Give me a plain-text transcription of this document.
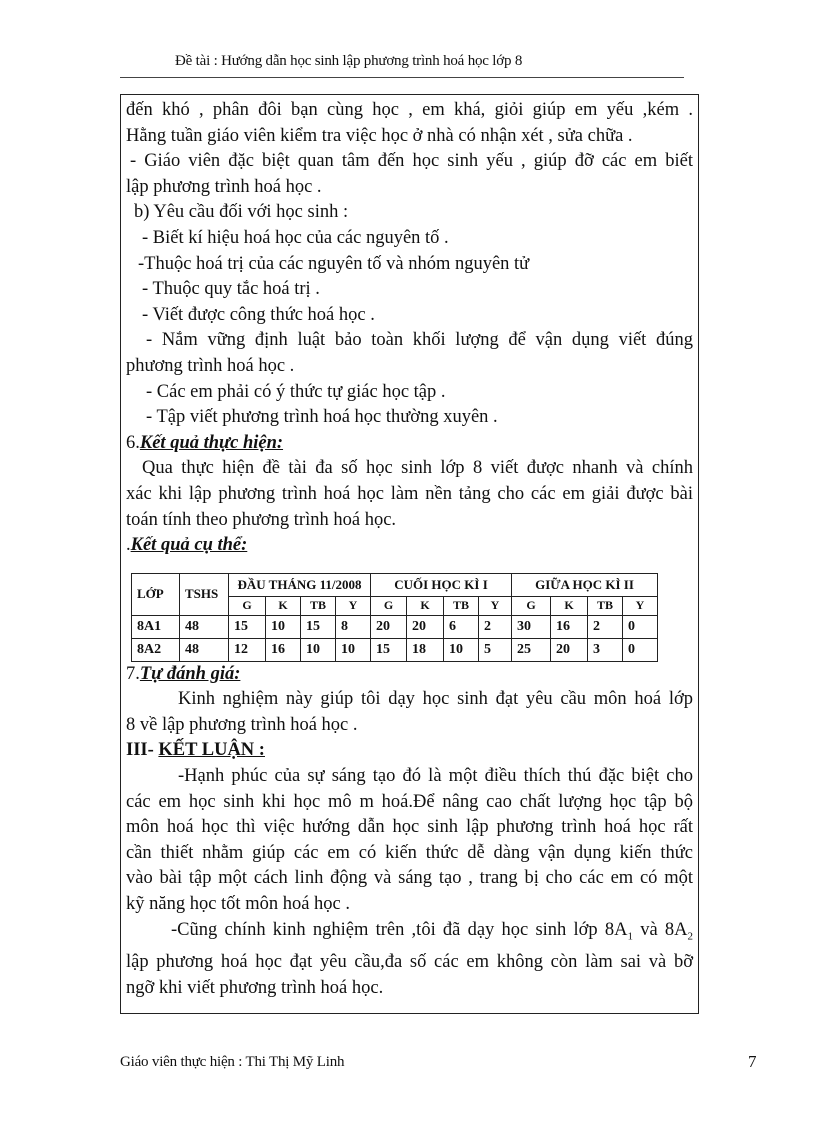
Đề tài : Hướng dẫn học sinh lập phương trình hoá học lớp 8

đến khó , phân đôi bạn cùng học , em khá, giỏi giúp em yếu ,kém .

Hằng tuần giáo viên kiểm tra việc học ở nhà có nhận xét , sửa chữa .

- Giáo viên đặc biệt quan tâm đến học sinh yếu , giúp đỡ các em biết

lập phương trình hoá học .

b) Yêu cầu đối với học sinh :

- Biết kí hiệu hoá học của các nguyên tố .

-Thuộc hoá trị của các nguyên tố và nhóm nguyên tử

- Thuộc quy tắc hoá trị .

- Viết được công thức hoá học .

- Nắm vững định luật bảo toàn khối lượng để vận dụng viết đúng

phương trình hoá học .

- Các em phải có ý thức tự giác học tập .

- Tập viết phương trình hoá học thường xuyên .

6.Kết quả thực hiện:

Qua thực hiện đề tài đa số học sinh lớp 8 viết được nhanh và chính

xác khi lập phương trình hoá học làm nền tảng cho các em giải được bài

toán tính theo phương trình hoá học.

.Kết quả cụ thể:

LỚP	TSHS	ĐẦU THÁNG 11/2008				CUỐI HỌC KÌ I				GIỮA HỌC KÌ II			
		G	K	TB	Y	G	K	TB	Y	G	K	TB	Y
8A1	48	15	10	15	8	20	20	6	2	30	16	2	0
8A2	48	12	16	10	10	15	18	10	5	25	20	3	0

7.Tự đánh giá:

Kinh nghiệm này giúp tôi dạy học sinh đạt yêu cầu môn hoá lớp

8 về lập phương trình hoá học .

III- KẾT LUẬN :

-Hạnh phúc của sự sáng tạo đó là một điều thích thú đặc biệt cho

các em học sinh khi học mô m hoá.Để nâng cao chất lượng học tập bộ

môn hoá học thì việc hướng dẫn học sinh lập phương trình hoá học rất

cần thiết nhằm giúp các em có kiến thức dễ dàng vận dụng kiến thức

vào bài tập một cách linh động và sáng tạo , trang bị cho các em có một

kỹ năng học tốt môn hoá học .

-Cũng chính kinh nghiệm trên ,tôi đã dạy học sinh lớp $8A_1$ và $8A_2$

lập phương hoá học đạt yêu cầu,đa số các em không còn làm sai và bỡ

ngỡ khi viết phương trình hoá học.

Giáo viên thực hiện : Thi Thị Mỹ Linh	7
